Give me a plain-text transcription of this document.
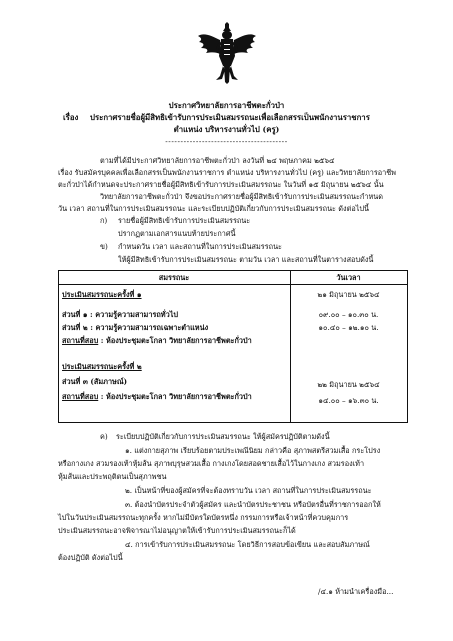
ประกาศวิทยาลัยการอาชีพตะกั่วป่า
เรื่อง ประกาศรายชื่อผู้มีสิทธิเข้ารับการประเมินสมรรถนะเพื่อเลือกสรรเป็นพนักงานราชการ
ตำแหน่ง บริหารงานทั่วไป (ครู)
----------------------------------------
ตามที่ได้มีประกาศวิทยาลัยการอาชีพตะกั่วป่า ลงวันที่ ๒๔ พฤษภาคม ๒๕๖๔
เรื่อง รับสมัครบุคคลเพื่อเลือกสรรเป็นพนักงานราชการ ตำแหน่ง บริหารงานทั่วไป (ครู) และวิทยาลัยการอาชีพ
ตะกั่วป่าได้กำหนดจะประกาศรายชื่อผู้มีสิทธิเข้ารับการประเมินสมรรถนะ ในวันที่ ๑๕ มิถุนายน ๒๕๖๔ นั้น
วิทยาลัยการอาชีพตะกั่วป่า จึงขอประกาศรายชื่อผู้มีสิทธิเข้ารับการประเมินสมรรถนะกำหนด
วัน เวลา สถานที่ในการประเมินสมรรถนะ และระเบียบปฏิบัติเกี่ยวกับการประเมินสมรรถนะ ดังต่อไปนี้
ก) รายชื่อผู้มีสิทธิเข้ารับการประเมินสมรรถนะ
ปรากฏตามเอกสารแนบท้ายประกาศนี้
ข) กำหนดวัน เวลา และสถานที่ในการประเมินสมรรถนะ
ให้ผู้มีสิทธิเข้ารับการประเมินสมรรถนะ ตามวัน เวลา และสถานที่ในตารางสอบดังนี้
สมรรถนะ	วันเวลา
ประเมินสมรรถนะครั้งที่ ๑	๒๑ มิถุนายน ๒๕๖๔
ส่วนที่ ๑ : ความรู้ความสามารถทั่วไป	๐๙.๐๐ – ๑๐.๓๐ น.
ส่วนที่ ๒ : ความรู้ความสามารถเฉพาะตำแหน่ง	๑๐.๔๐ – ๑๒.๑๐ น.
สถานที่สอบ : ห้องประชุมตะโกลา วิทยาลัยการอาชีพตะกั่วป่า
ประเมินสมรรถนะครั้งที่ ๒
ส่วนที่ ๓ (สัมภาษณ์)	๒๒ มิถุนายน ๒๕๖๔
สถานที่สอบ : ห้องประชุมตะโกลา วิทยาลัยการอาชีพตะกั่วป่า	๑๔.๐๐ – ๑๖.๓๐ น.
ค) ระเบียบปฏิบัติเกี่ยวกับการประเมินสมรรถนะ ให้ผู้สมัครปฏิบัติตามดังนี้
๑. แต่งกายสุภาพ เรียบร้อยตามประเพณีนิยม กล่าวคือ สุภาพสตรีสวมเสื้อ กระโปรง
หรือกางเกง สวมรองเท้าหุ้มส้น สุภาพบุรุษสวมเสื้อ กางเกงโดยสอดชายเสื้อไว้ในกางเกง สวมรองเท้า
หุ้มส้นและประพฤติตนเป็นสุภาพชน
๒. เป็นหน้าที่ของผู้สมัครที่จะต้องทราบวัน เวลา สถานที่ในการประเมินสมรรถนะ
๓. ต้องนำบัตรประจำตัวผู้สมัคร และนำบัตรประชาชน หรือบัตรอื่นที่ราชการออกให้
ไปในวันประเมินสมรรถนะทุกครั้ง หากไม่มีบัตรใดบัตรหนึ่ง กรรมการหรือเจ้าหน้าที่ควบคุมการ
ประเมินสมรรถนะอาจพิจารณาไม่อนุญาตให้เข้ารับการประเมินสมรรถนะก็ได้
๔. การเข้ารับการประเมินสมรรถนะ โดยวิธีการสอบข้อเขียน และสอบสัมภาษณ์
ต้องปฏิบัติ ดังต่อไปนี้
/๔.๑ ห้ามนำเครื่องมือ...
